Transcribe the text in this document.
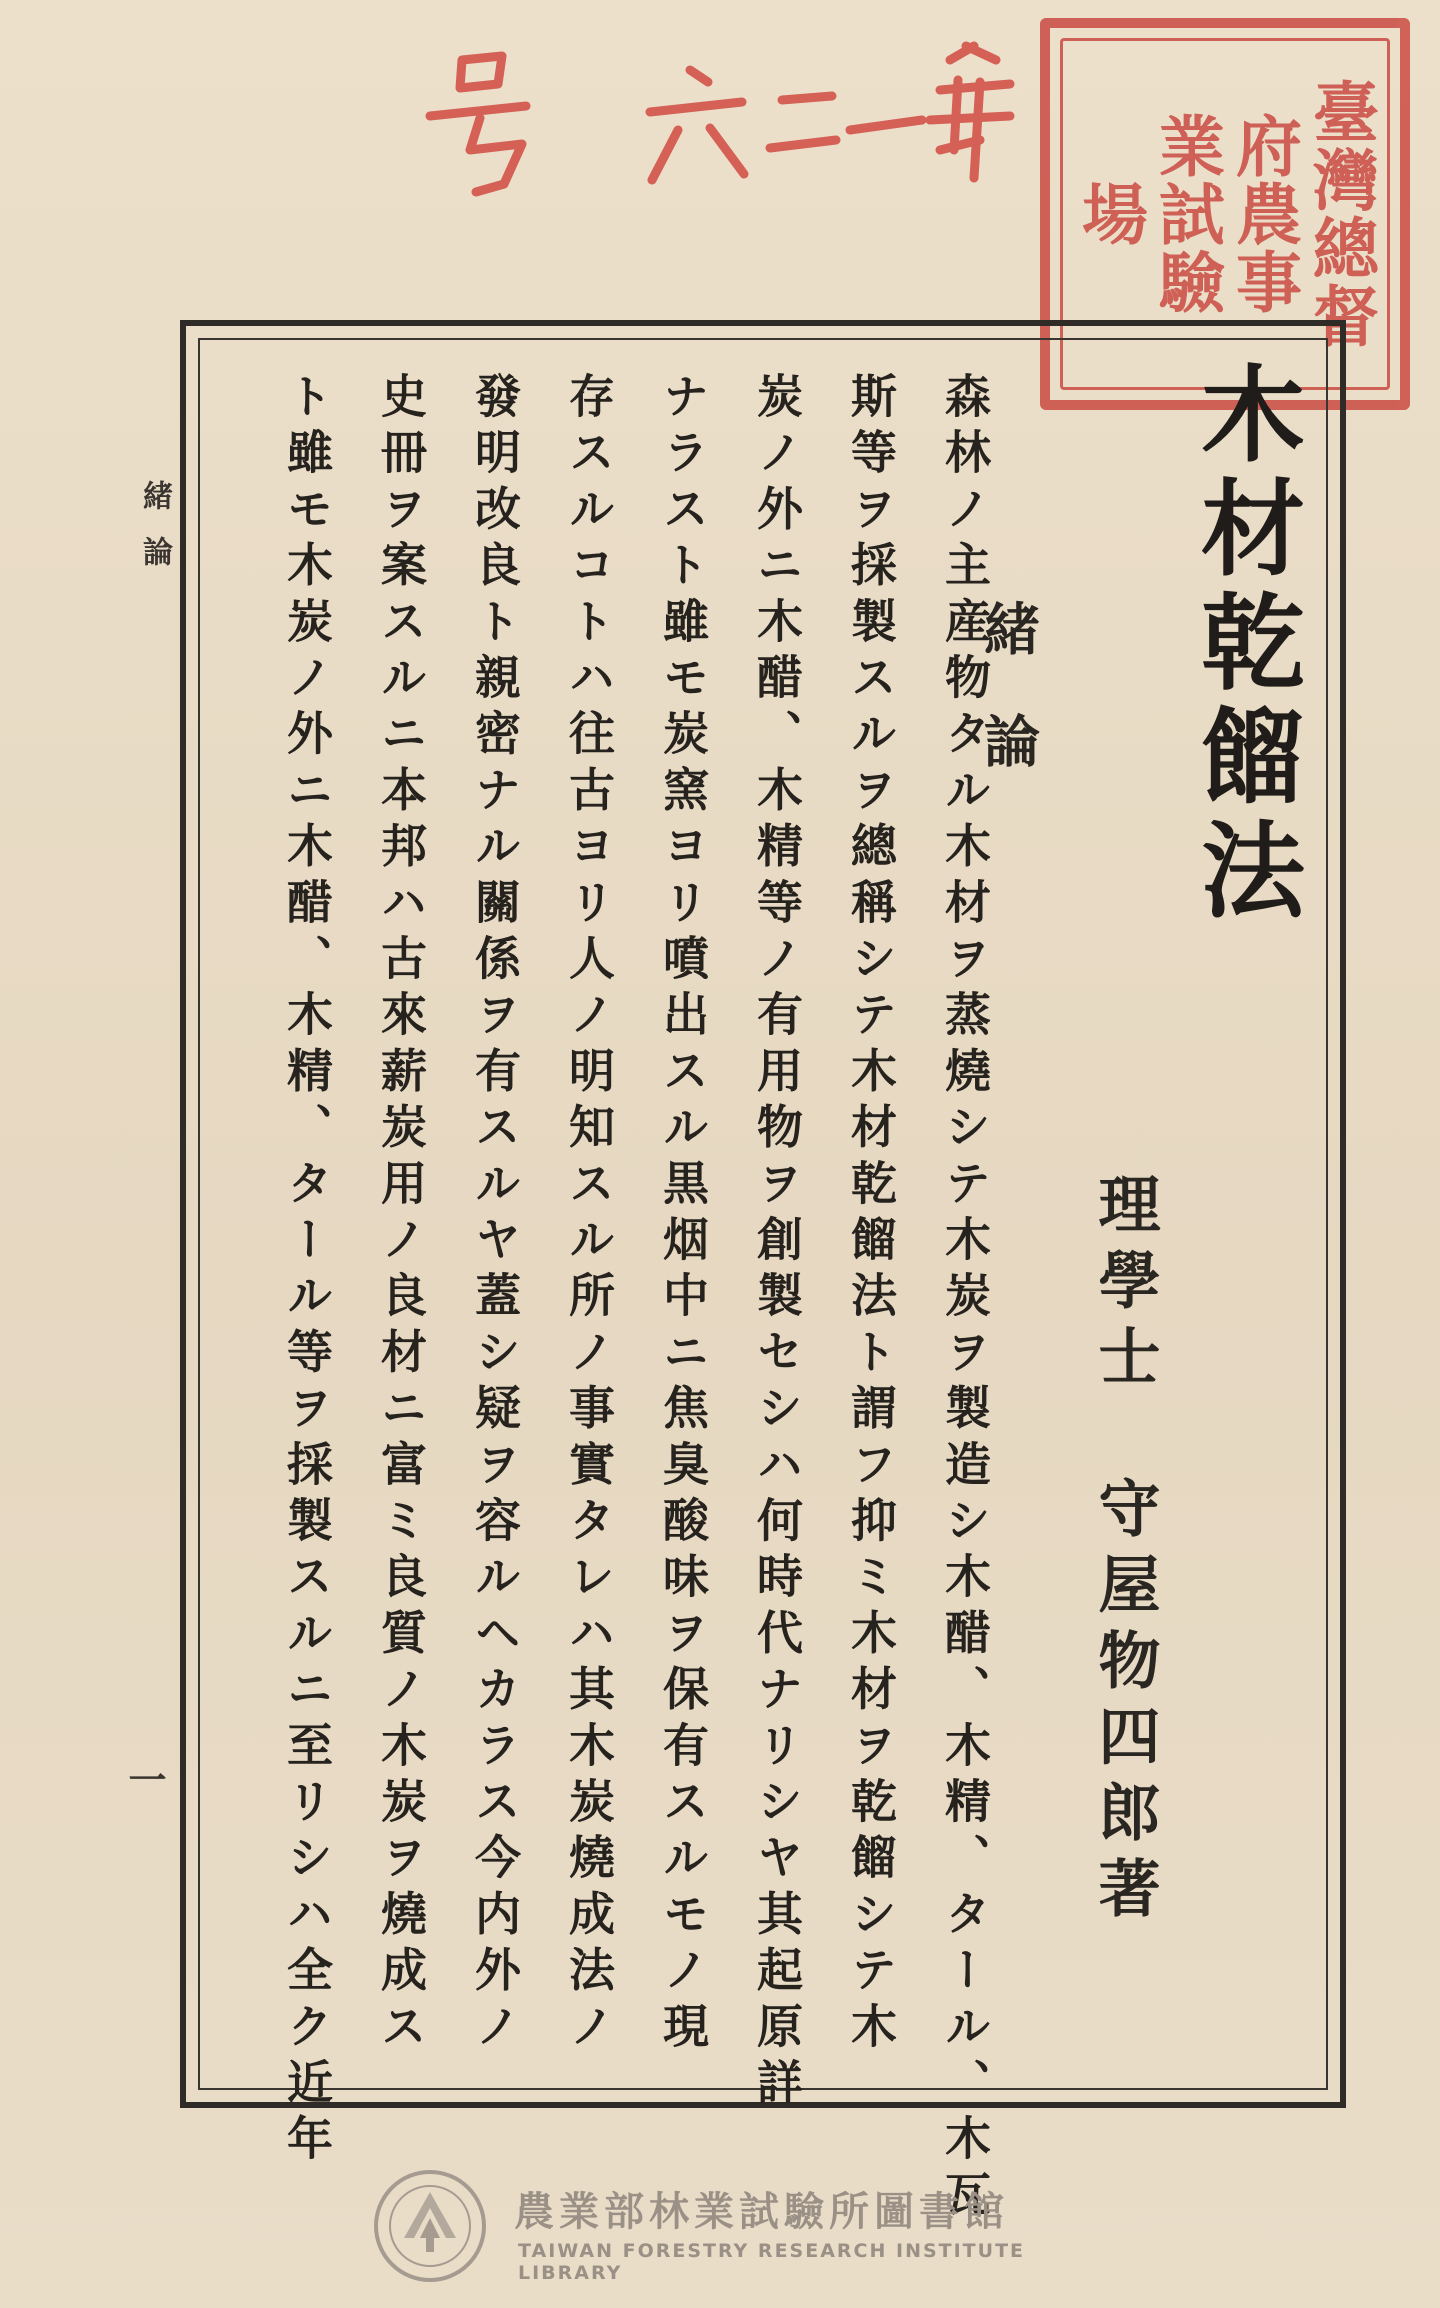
臺灣總督
府農事
業試驗
場
木材乾餾法
理學士
守屋物四郎著
緒論
森林ノ主産物タル木材ヲ蒸燒シテ木炭ヲ製造シ木醋、木精、タール、木瓦
斯等ヲ採製スルヲ總稱シテ木材乾餾法ト謂フ抑ミ木材ヲ乾餾シテ木
炭ノ外ニ木醋、木精等ノ有用物ヲ創製セシハ何時代ナリシヤ其起原詳
ナラスト雖モ炭窯ヨリ噴出スル黒烟中ニ焦臭酸味ヲ保有スルモノ現
存スルコトハ往古ヨリ人ノ明知スル所ノ事實タレハ其木炭燒成法ノ
發明改良ト親密ナル關係ヲ有スルヤ蓋シ疑ヲ容ルヘカラス今内外ノ
史冊ヲ案スルニ本邦ハ古來薪炭用ノ良材ニ富ミ良質ノ木炭ヲ燒成ス
ト雖モ木炭ノ外ニ木醋、木精、タール等ヲ採製スルニ至リシハ全ク近年
緒論
一
農業部林業試驗所圖書館
TAIWAN FORESTRY RESEARCH INSTITUTE LIBRARY
